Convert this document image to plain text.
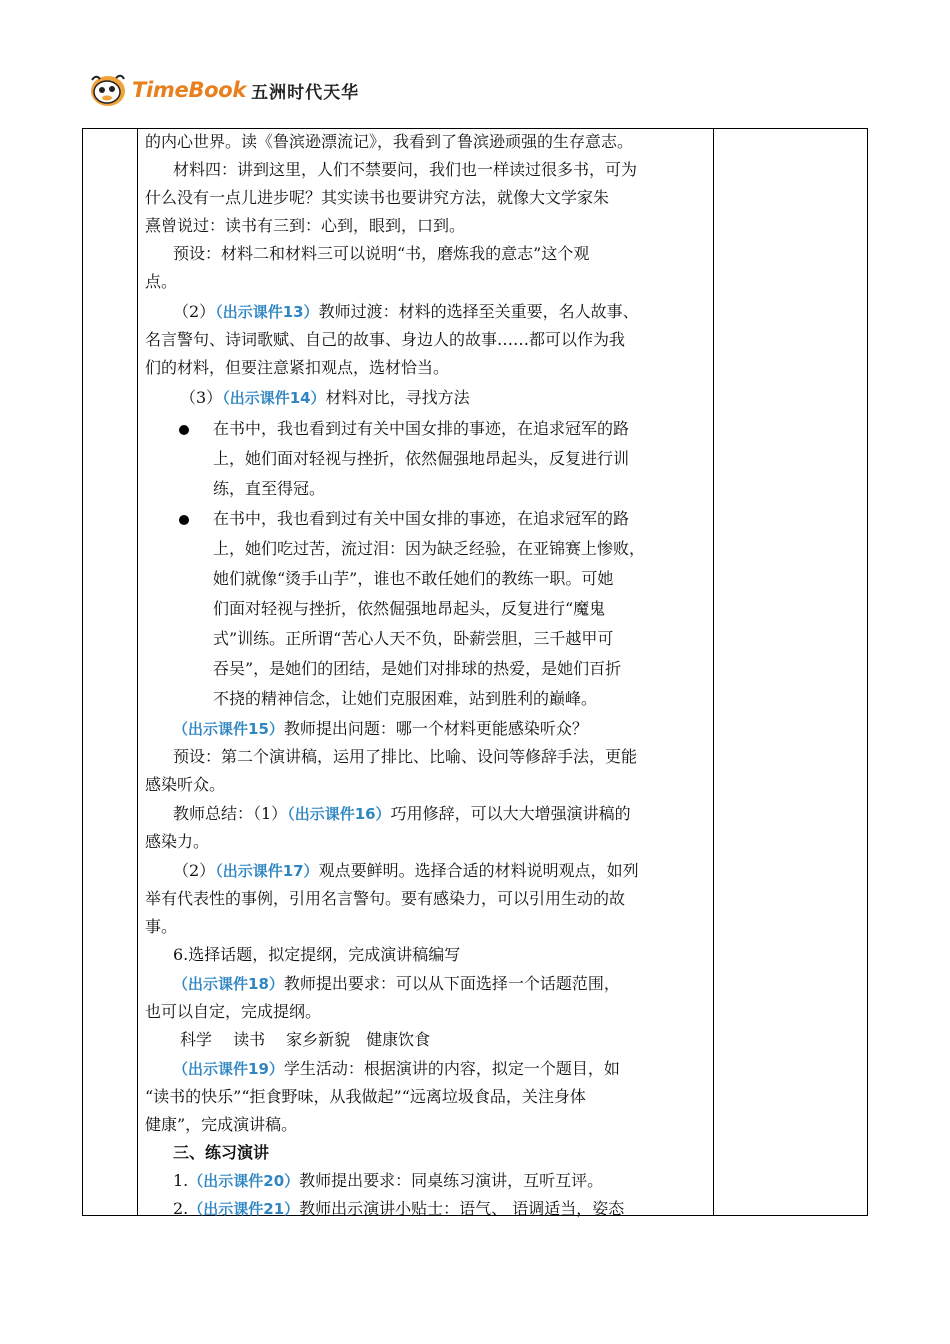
TimeBook 五洲时代天华
的内心世界。读《鲁滨逊漂流记》，我看到了鲁滨逊顽强的生存意志。
材料四：讲到这里，人们不禁要问，我们也一样读过很多书，可为
什么没有一点儿进步呢？其实读书也要讲究方法，就像大文学家朱
熹曾说过：读书有三到：心到，眼到，口到。
预设：材料二和材料三可以说明“书，磨炼我的意志”这个观
点。
（2）（出示课件13）教师过渡：材料的选择至关重要，名人故事、
名言警句、诗词歌赋、自己的故事、身边人的故事……都可以作为我
们的材料，但要注意紧扣观点，选材恰当。
（3）（出示课件14）材料对比，寻找方法
在书中，我也看到过有关中国女排的事迹，在追求冠军的路
上，她们面对轻视与挫折，依然倔强地昂起头，反复进行训
练，直至得冠。
在书中，我也看到过有关中国女排的事迹，在追求冠军的路
上，她们吃过苦，流过泪：因为缺乏经验，在亚锦赛上惨败，
她们就像“烫手山芋”，谁也不敢任她们的教练一职。可她
们面对轻视与挫折，依然倔强地昂起头，反复进行“魔鬼
式”训练。正所谓“苦心人天不负，卧薪尝胆，三千越甲可
吞吴”，是她们的团结，是她们对排球的热爱，是她们百折
不挠的精神信念，让她们克服困难，站到胜利的巅峰。
（出示课件15）教师提出问题：哪一个材料更能感染听众？
预设：第二个演讲稿，运用了排比、比喻、设问等修辞手法，更能
感染听众。
教师总结：（1）（出示课件16）巧用修辞，可以大大增强演讲稿的
感染力。
（2）（出示课件17）观点要鲜明。选择合适的材料说明观点，如列
举有代表性的事例，引用名言警句。要有感染力，可以引用生动的故
事。
6.选择话题，拟定提纲，完成演讲稿编写
（出示课件18）教师提出要求：可以从下面选择一个话题范围，
也可以自定，完成提纲。
科学　 读书　 家乡新貌　健康饮食
（出示课件19）学生活动：根据演讲的内容，拟定一个题目，如
“读书的快乐”“拒食野味，从我做起”“远离垃圾食品，关注身体
健康”，完成演讲稿。
三、练习演讲
1.（出示课件20）教师提出要求：同桌练习演讲，互听互评。
2.（出示课件21）教师出示演讲小贴士：语气、 语调适当，姿态
